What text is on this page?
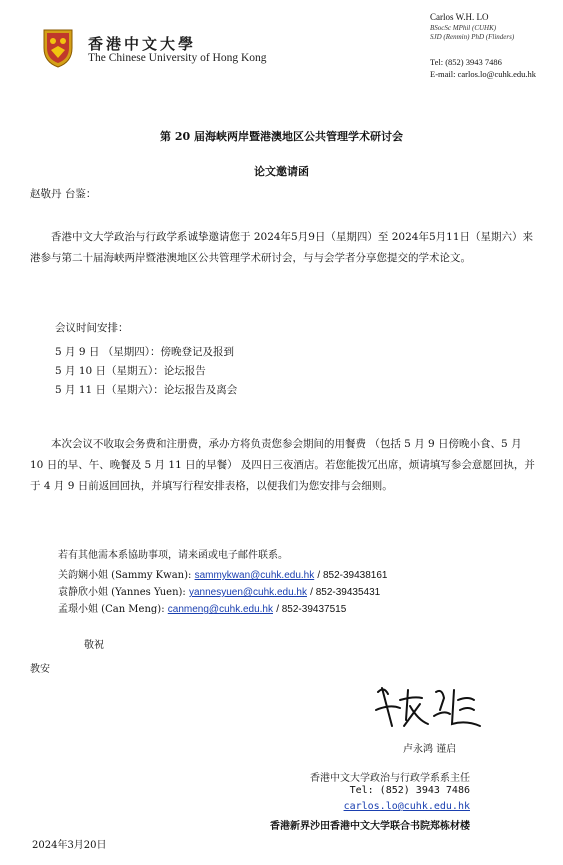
香港中文大學
The Chinese University of Hong Kong
Carlos W.H. LO
BSocSc MPhil (CUHK)
SJD (Renmin) PhD (Flinders)
Tel: (852) 3943 7486
E-mail: carlos.lo@cuhk.edu.hk
第 20 届海峡两岸暨港澳地区公共管理学术研讨会
论文邀请函
赵敬丹 台鉴：
香港中文大学政治与行政学系诚挚邀请您于 2024年5月9日（星期四）至 2024年5月11日（星期六）来港参与第二十届海峡两岸暨港澳地区公共管理学术研讨会，与与会学者分享您提交的学术论文。
会议时间安排：
5 月 9 日 （星期四）：傍晚登记及报到
5 月 10 日（星期五）：论坛报告
5 月 11 日（星期六）：论坛报告及离会
本次会议不收取会务费和注册费，承办方将负责您参会期间的用餐费 （包括 5 月 9 日傍晚小食、5 月 10 日的早、午、晚餐及 5 月 11 日的早餐） 及四日三夜酒店。若您能拨冗出席，烦请填写参会意愿回执，并于 4 月 9 日前返回回执，并填写行程安排表格，以便我们为您安排与会细则。
若有其他需本系協助事项，请来函或电子邮件联系。
关韵娴小姐 (Sammy Kwan): sammykwan@cuhk.edu.hk / 852-39438161
袁静欣小姐 (Yannes Yuen): yannesyuen@cuhk.edu.hk / 852-39435431
孟璟小姐 (Can Meng): canmeng@cuhk.edu.hk / 852-39437515
敬祝
教安
卢永鸿 谨启
香港中文大学政治与行政学系系主任
Tel: (852) 3943 7486
carlos.lo@cuhk.edu.hk
香港新界沙田香港中文大学联合书院郑栋材楼
2024年3月20日
